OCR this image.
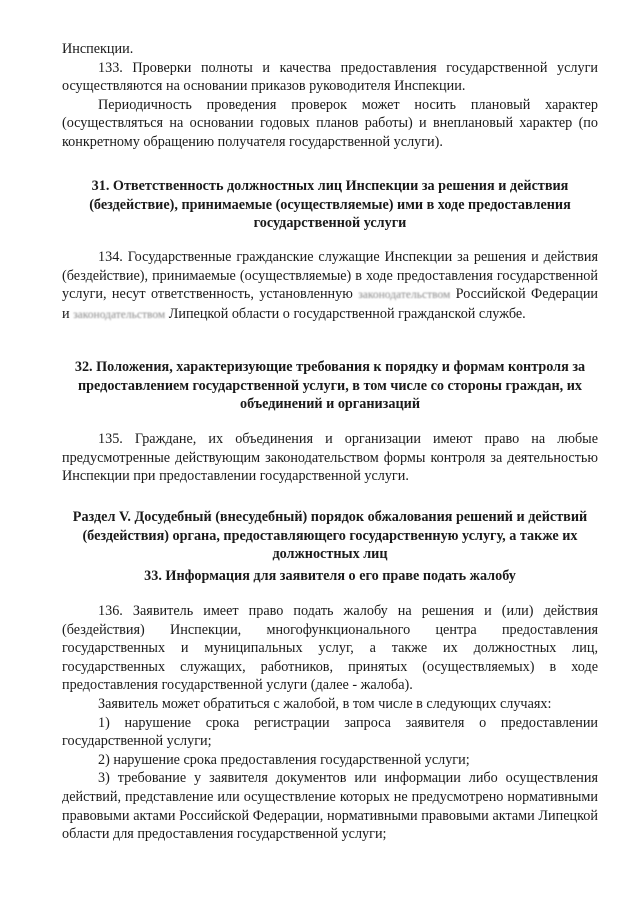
Инспекции.

133. Проверки полноты и качества предоставления государственной услуги осуществляются на основании приказов руководителя Инспекции.

Периодичность проведения проверок может носить плановый характер (осуществляться на основании годовых планов работы) и внеплановый характер (по конкретному обращению получателя государственной услуги).

31. Ответственность должностных лиц Инспекции за решения и действия (бездействие), принимаемые (осуществляемые) ими в ходе предоставления государственной услуги

134. Государственные гражданские служащие Инспекции за решения и действия (бездействие), принимаемые (осуществляемые) в ходе предоставления государственной услуги, несут ответственность, установленную законодательством Российской Федерации и законодательством Липецкой области о государственной гражданской службе.

32. Положения, характеризующие требования к порядку и формам контроля за предоставлением государственной услуги, в том числе со стороны граждан, их объединений и организаций

135. Граждане, их объединения и организации имеют право на любые предусмотренные действующим законодательством формы контроля за деятельностью Инспекции при предоставлении государственной услуги.

Раздел V. Досудебный (внесудебный) порядок обжалования решений и действий (бездействия) органа, предоставляющего государственную услугу, а также их должностных лиц
33. Информация для заявителя о его праве подать жалобу

136. Заявитель имеет право подать жалобу на решения и (или) действия (бездействия) Инспекции, многофункционального центра предоставления государственных и муниципальных услуг, а также их должностных лиц, государственных служащих, работников, принятых (осуществляемых) в ходе предоставления государственной услуги (далее - жалоба).

Заявитель может обратиться с жалобой, в том числе в следующих случаях:

1) нарушение срока регистрации запроса заявителя о предоставлении государственной услуги;

2) нарушение срока предоставления государственной услуги;

3) требование у заявителя документов или информации либо осуществления действий, представление или осуществление которых не предусмотрено нормативными правовыми актами Российской Федерации, нормативными правовыми актами Липецкой области для предоставления государственной услуги;
